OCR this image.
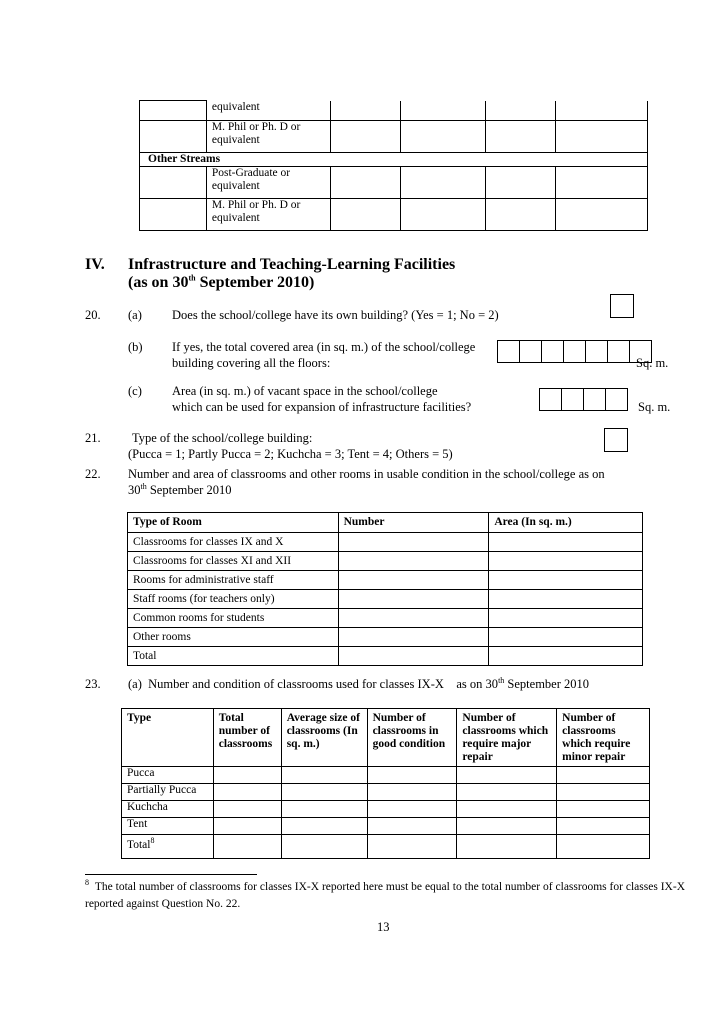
	equivalent				
	M. Phil or Ph. D or equivalent				
Other Streams					
	Post-Graduate or equivalent				
	M. Phil or Ph. D or equivalent				
IV. Infrastructure and Teaching-Learning Facilities
(as on 30th September 2010)
20. (a) Does the school/college have its own building? (Yes = 1; No = 2)
(b) If yes, the total covered area (in sq. m.) of the school/college
building covering all the floors:	Sq. m.
(c) Area (in sq. m.) of vacant space in the school/college
which can be used for expansion of infrastructure facilities?	Sq. m.
21.	Type of the school/college building:
(Pucca = 1; Partly Pucca = 2; Kuchcha = 3; Tent = 4; Others = 5)
22. Number and area of classrooms and other rooms in usable condition in the school/college as on
30th September 2010
Type of Room	Number	Area (In sq. m.)
Classrooms for classes IX and X		
Classrooms for classes XI and XII		
Rooms for administrative staff		
Staff rooms (for teachers only)		
Common rooms for students		
Other rooms		
Total		
23. (a)  Number and condition of classrooms used for classes IX-X    as on 30th September 2010
Type	Total number of classrooms	Average size of classrooms (In sq. m.)	Number of classrooms in good condition	Number of classrooms which require major repair	Number of classrooms which require minor repair
Pucca					
Partially Pucca					
Kuchcha					
Tent					
Total$^8$					
$^8$ The total number of classrooms for classes IX-X reported here must be equal to the total number of classrooms for classes IX-X reported against Question No. 22.
13
